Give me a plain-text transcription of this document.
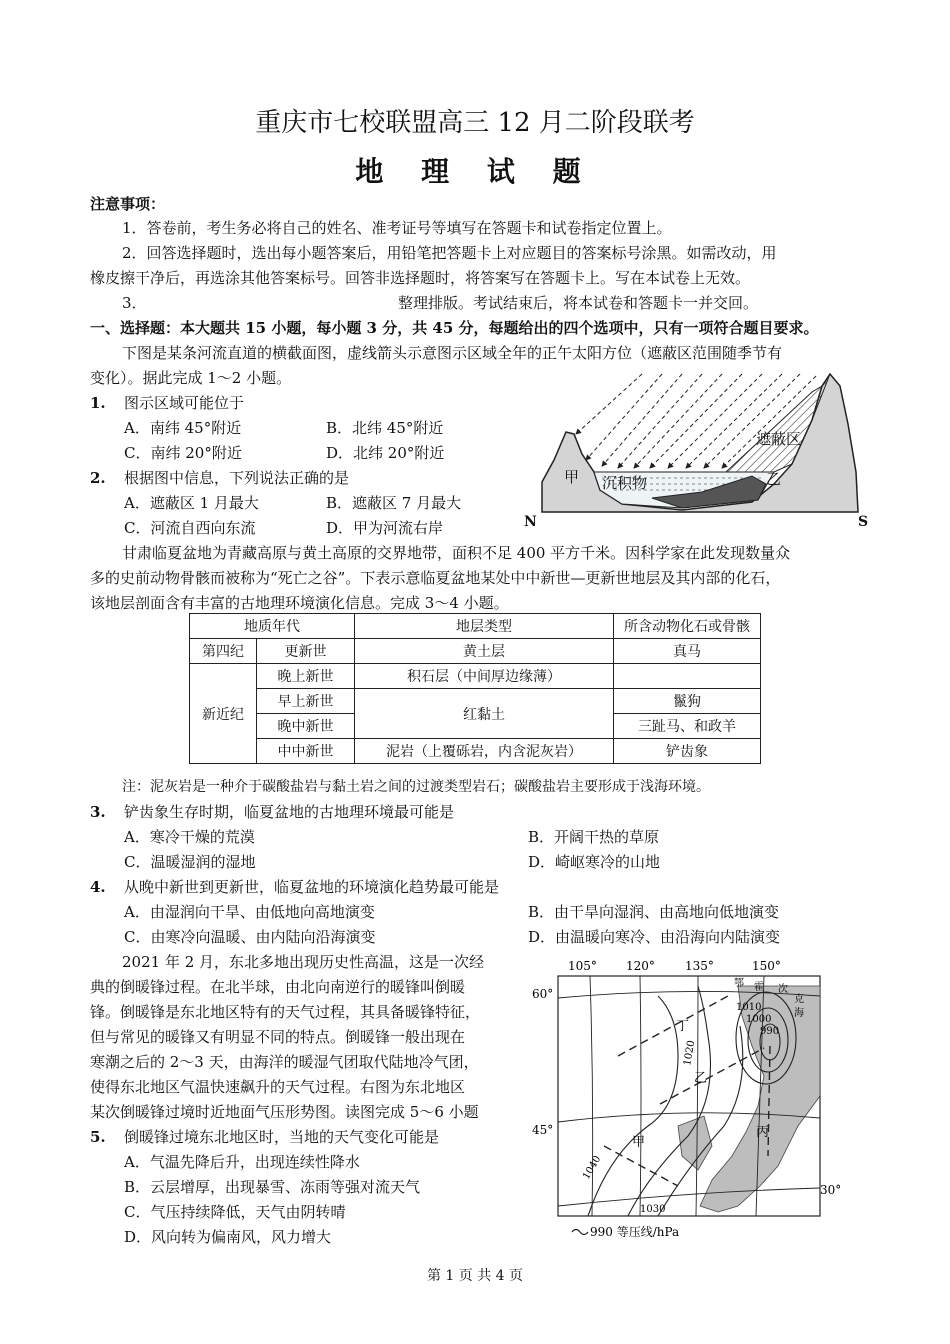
重庆市七校联盟高三 12 月二阶段联考
地 理 试 题
注意事项：
1．答卷前，考生务必将自己的姓名、准考证号等填写在答题卡和试卷指定位置上。
2．回答选择题时，选出每小题答案后，用铅笔把答题卡上对应题目的答案标号涂黑。如需改动，用
橡皮擦干净后，再选涂其他答案标号。回答非选择题时，将答案写在答题卡上。写在本试卷上无效。
3．	整理排版。考试结束后，将本试卷和答题卡一并交回。
一、选择题：本大题共 15 小题，每小题 3 分，共 45 分，每题给出的四个选项中，只有一项符合题目要求。
下图是某条河流直道的横截面图，虚线箭头示意图示区域全年的正午太阳方位（遮蔽区范围随季节有
变化）。据此完成 1～2 小题。
1. 图示区域可能位于
A．南纬 45°附近	B．北纬 45°附近
C．南纬 20°附近	D．北纬 20°附近
2. 根据图中信息，下列说法正确的是
A．遮蔽区 1 月最大	B．遮蔽区 7 月最大
C．河流自西向东流	D．甲为河流右岸
遮蔽区
甲 沉积物	乙
N	S
甘肃临夏盆地为青藏高原与黄土高原的交界地带，面积不足 400 平方千米。因科学家在此发现数量众
多的史前动物骨骸而被称为“死亡之谷”。下表示意临夏盆地某处中中新世—更新世地层及其内部的化石，
该地层剖面含有丰富的古地理环境演化信息。完成 3～4 小题。
地质年代		地层类型	所含动物化石或骨骸
第四纪	更新世	黄土层	真马
新近纪	晚上新世	积石层（中间厚边缘薄）	
	早上新世	红黏土	鬣狗
	晚中新世		三趾马、和政羊
	中中新世	泥岩（上覆砾岩，内含泥灰岩）	铲齿象
注：泥灰岩是一种介于碳酸盐岩与黏土岩之间的过渡类型岩石；碳酸盐岩主要形成于浅海环境。
3. 铲齿象生存时期，临夏盆地的古地理环境最可能是
A．寒冷干燥的荒漠	B．开阔干热的草原
C．温暖湿润的湿地	D．崎岖寒冷的山地
4. 从晚中新世到更新世，临夏盆地的环境演化趋势最可能是
A．由湿润向干旱、由低地向高地演变	B．由干旱向湿润、由高地向低地演变
C．由寒冷向温暖、由内陆向沿海演变	D．由温暖向寒冷、由沿海向内陆演变
2021 年 2 月，东北多地出现历史性高温，这是一次经
典的倒暖锋过程。在北半球，由北向南逆行的暖锋叫倒暖
锋。倒暖锋是东北地区特有的天气过程，其具备暖锋特征，
但与常见的暖锋又有明显不同的特点。倒暖锋一般出现在
寒潮之后的 2～3 天，由海洋的暖湿气团取代陆地冷气团，
使得东北地区气温快速飙升的天气过程。右图为东北地区
某次倒暖锋过境时近地面气压形势图。读图完成 5～6 小题
5. 倒暖锋过境东北地区时，当地的天气变化可能是
A．气温先降后升，出现连续性降水
B．云层增厚，出现暴雪、冻雨等强对流天气
C．气压持续降低，天气由阴转晴
D．风向转为偏南风，风力增大
105° 120°	135°	150°
60°
45°
30°
1040
1030
1020
1010
1000
990
甲
乙
丙
丁
鄂 霍 次
克
海
990 等压线/hPa
第 1 页 共 4 页
